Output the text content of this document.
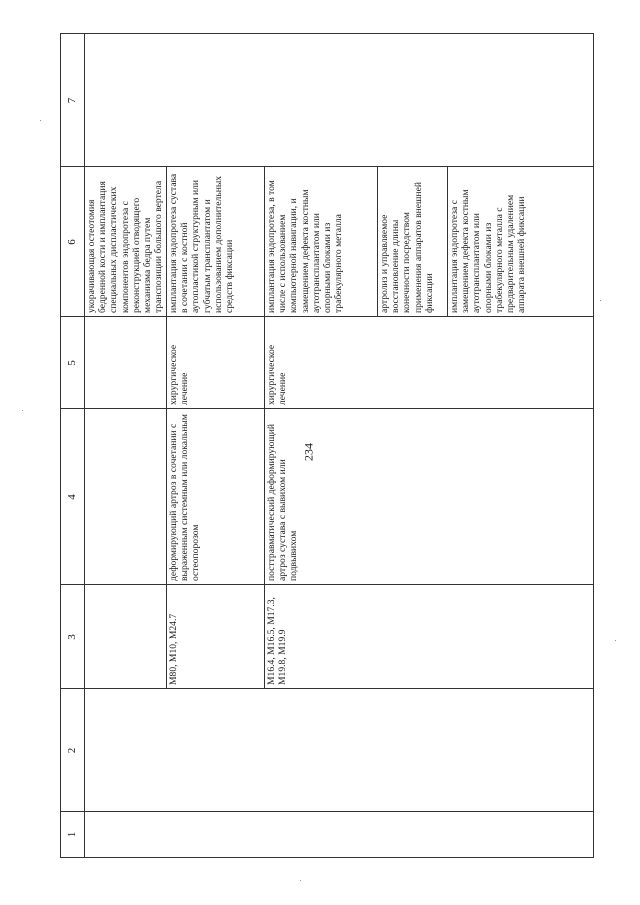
234
1
2
3
4
5
6
7
укорачивающая остеотомия бедренной кости и имплантация специальных диспластических компонентов эндопротеза с реконструкцией отводящего механизма бедра путем транспозиции большого вертела
M80, M10, M24.7
деформирующий артроз в сочетании с выраженным системным или локальным остеопорозом
хирургическое лечение
имплантация эндопротеза сустава в сочетании с костной аутопластикой структурным или губчатым трансплантатом и использованием дополнительных средств фиксации
M16.4, M16.5, M17.3, M19.8, M19.9
посттравматический деформирующий артроз сустава с вывихом или подвывихом
хирургическое лечение
имплантация эндопротеза, в том числе с использованием компьютерной навигации, и замещением дефекта костным аутотрансплантатом или опорными блоками из трабекулярного металла	артролиз и управляемое восстановление длины конечности посредством применения аппаратов внешней фиксации	имплантация эндопротеза с замещением дефекта костным аутотрансплантатом или опорными блоками из трабекулярного металла с предварительным удалением аппарата внешней фиксации
